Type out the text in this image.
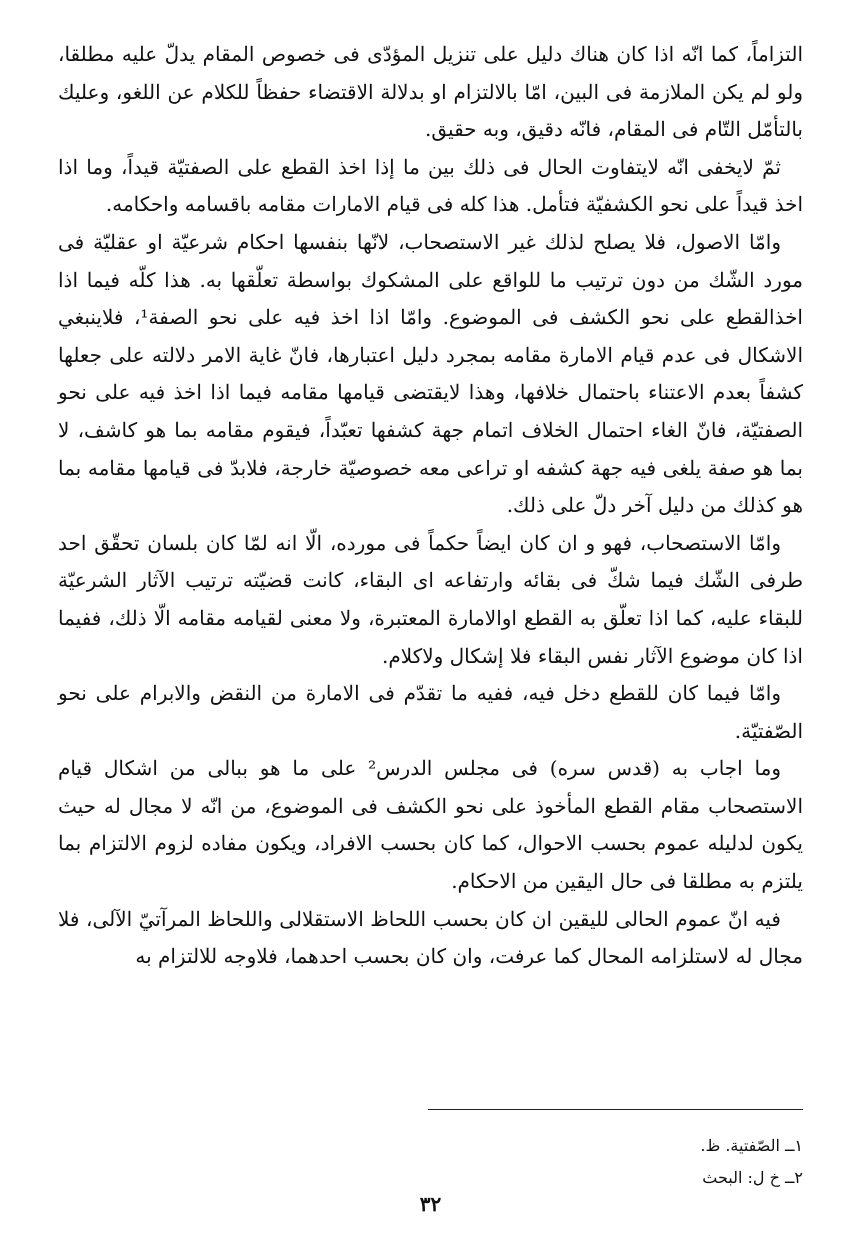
التزاماً، كما انّه اذا كان هناك دليل على تنزيل المؤدّى فى خصوص المقام يدلّ عليه مطلقا، ولو لم يكن الملازمة فى البين، امّا بالالتزام او بدلالة الاقتضاء حفظاً للكلام عن اللغو، وعليك بالتأمّل التّام فى المقام، فانّه دقيق، وبه حقيق.

ثمّ لايخفى انّه لايتفاوت الحال فى ذلك بين ما إذا اخذ القطع على الصفتيّة قيداً، وما اذا اخذ قيداً على نحو الكشفيّة فتأمل. هذا كله فى قيام الامارات مقامه باقسامه واحكامه.

وامّا الاصول، فلا يصلح لذلك غير الاستصحاب، لانّها بنفسها احكام شرعيّة او عقليّة فى مورد الشّك من دون ترتيب ما للواقع على المشكوك بواسطة تعلّقها به. هذا كلّه فيما اذا اخذالقطع على نحو الكشف فى الموضوع. وامّا اذا اخذ فيه على نحو الصفة¹، فلاينبغي الاشكال فى عدم قيام الامارة مقامه بمجرد دليل اعتبارها، فانّ غاية الامر دلالته على جعلها كشفاً بعدم الاعتناء باحتمال خلافها، وهذا لايقتضى قيامها مقامه فيما اذا اخذ فيه على نحو الصفتيّة، فانّ الغاء احتمال الخلاف اتمام جهة كشفها تعبّداً، فيقوم مقامه بما هو كاشف، لا بما هو صفة يلغى فيه جهة كشفه او تراعى معه خصوصيّة خارجة، فلابدّ فى قيامها مقامه بما هو كذلك من دليل آخر دلّ على ذلك.

وامّا الاستصحاب، فهو و ان كان ايضاً حكماً فى مورده، الّا انه لمّا كان بلسان تحقّق احد طرفى الشّك فيما شكّ فى بقائه وارتفاعه اى البقاء، كانت قضيّته ترتيب الآثار الشرعيّة للبقاء عليه، كما اذا تعلّق به القطع اوالامارة المعتبرة، ولا معنى لقيامه مقامه الّا ذلك، ففيما اذا كان موضوع الآثار نفس البقاء فلا إشكال ولاكلام.

وامّا فيما كان للقطع دخل فيه، ففيه ما تقدّم فى الامارة من النقض والابرام على نحو الصّفتيّة.

وما اجاب به (قدس سره) فى مجلس الدرس² على ما هو ببالى من اشكال قيام الاستصحاب مقام القطع المأخوذ على نحو الكشف فى الموضوع، من انّه لا مجال له حيث يكون لدليله عموم بحسب الاحوال، كما كان بحسب الافراد، ويكون مفاده لزوم الالتزام بما يلتزم به مطلقا فى حال اليقين من الاحكام.

فيه انّ عموم الحالى لليقين ان كان بحسب اللحاظ الاستقلالى واللحاظ المرآتيّ الآلى، فلا مجال له لاستلزامه المحال كما عرفت، وان كان بحسب احدهما، فلاوجه للالتزام به

١ــ الصّفتية. ظ.
٢ــ خ ل: البحث
٣٢
